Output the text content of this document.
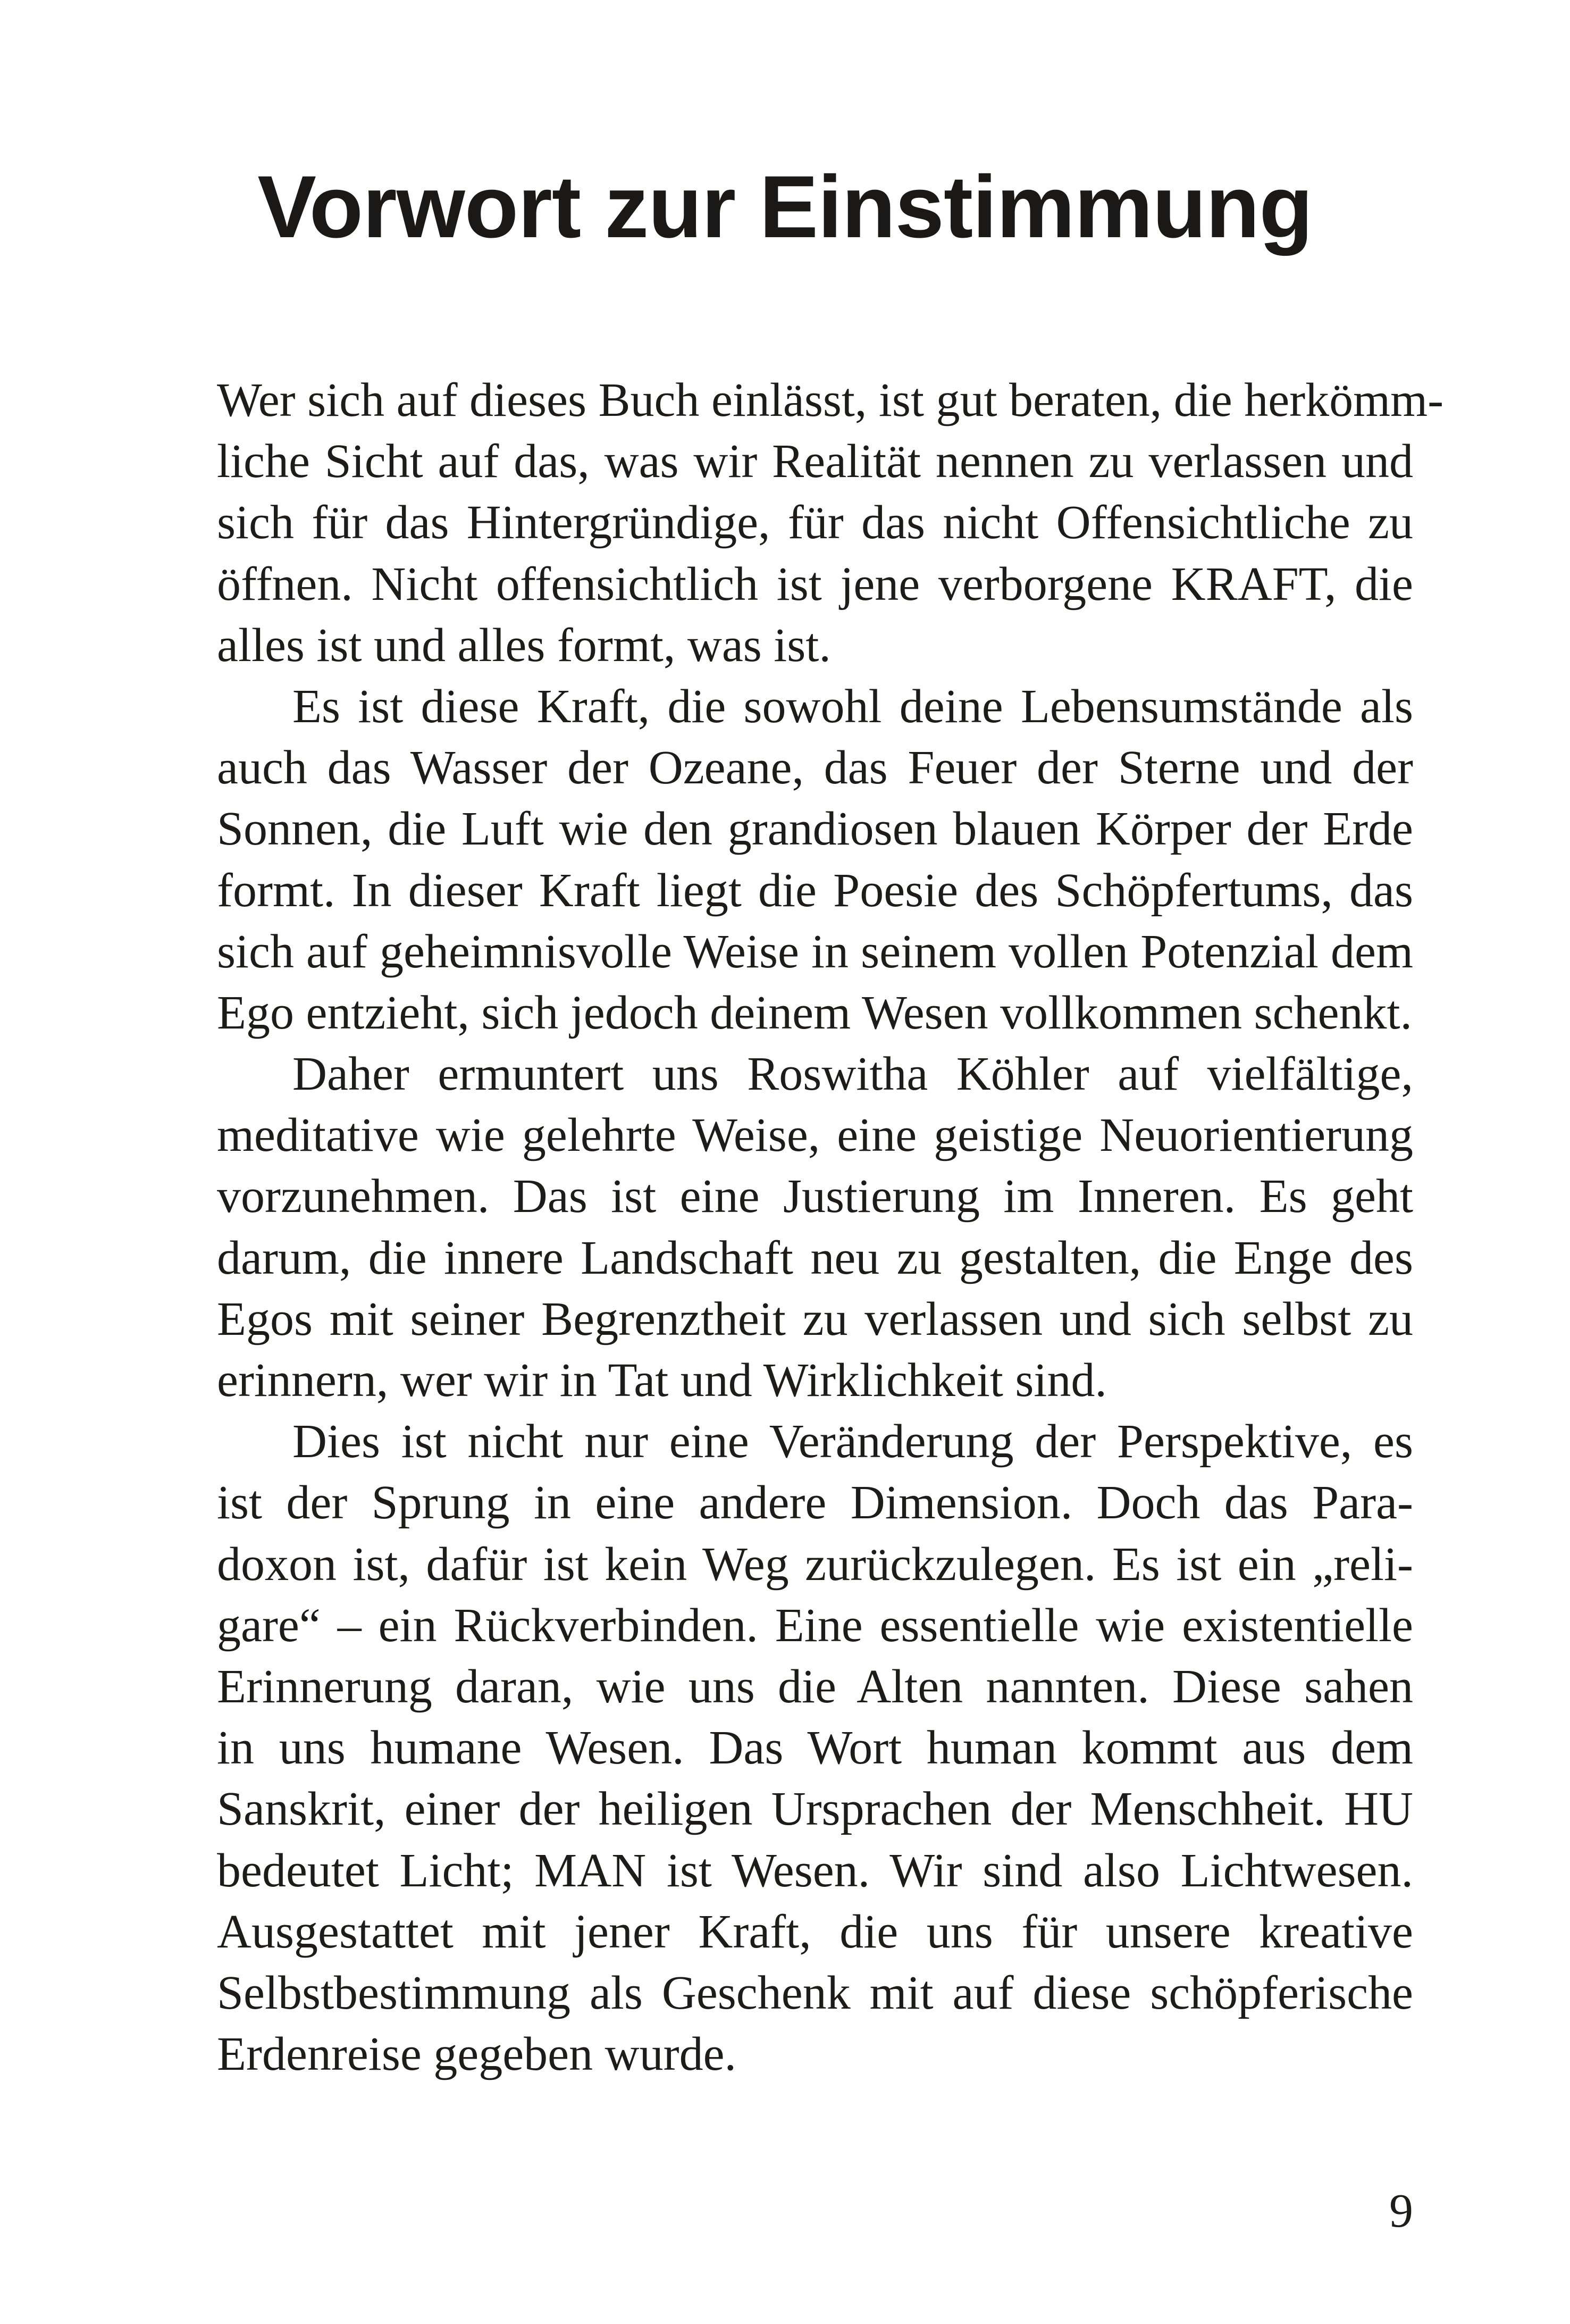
Vorwort zur Einstimmung
Wer sich auf dieses Buch einlässt, ist gut beraten, die herkömm-
liche Sicht auf das, was wir Realität nennen zu verlassen und
sich für das Hintergründige, für das nicht Offensichtliche zu
öffnen. Nicht offensichtlich ist jene verborgene KRAFT, die
alles ist und alles formt, was ist.
Es ist diese Kraft, die sowohl deine Lebensumstände als
auch das Wasser der Ozeane, das Feuer der Sterne und der
Sonnen, die Luft wie den grandiosen blauen Körper der Erde
formt. In dieser Kraft liegt die Poesie des Schöpfertums, das
sich auf geheimnisvolle Weise in seinem vollen Potenzial dem
Ego entzieht, sich jedoch deinem Wesen vollkommen schenkt.
Daher ermuntert uns Roswitha Köhler auf vielfältige,
meditative wie gelehrte Weise, eine geistige Neuorientierung
vorzunehmen. Das ist eine Justierung im Inneren. Es geht
darum, die innere Landschaft neu zu gestalten, die Enge des
Egos mit seiner Begrenztheit zu verlassen und sich selbst zu
erinnern, wer wir in Tat und Wirklichkeit sind.
Dies ist nicht nur eine Veränderung der Perspektive, es
ist der Sprung in eine andere Dimension. Doch das Para-
doxon ist, dafür ist kein Weg zurückzulegen. Es ist ein „reli-
gare“ – ein Rückverbinden. Eine essentielle wie existentielle
Erinnerung daran, wie uns die Alten nannten. Diese sahen
in uns humane Wesen. Das Wort human kommt aus dem
Sanskrit, einer der heiligen Ursprachen der Menschheit. HU
bedeutet Licht; MAN ist Wesen. Wir sind also Lichtwesen.
Ausgestattet mit jener Kraft, die uns für unsere kreative
Selbstbestimmung als Geschenk mit auf diese schöpferische
Erdenreise gegeben wurde.
9
